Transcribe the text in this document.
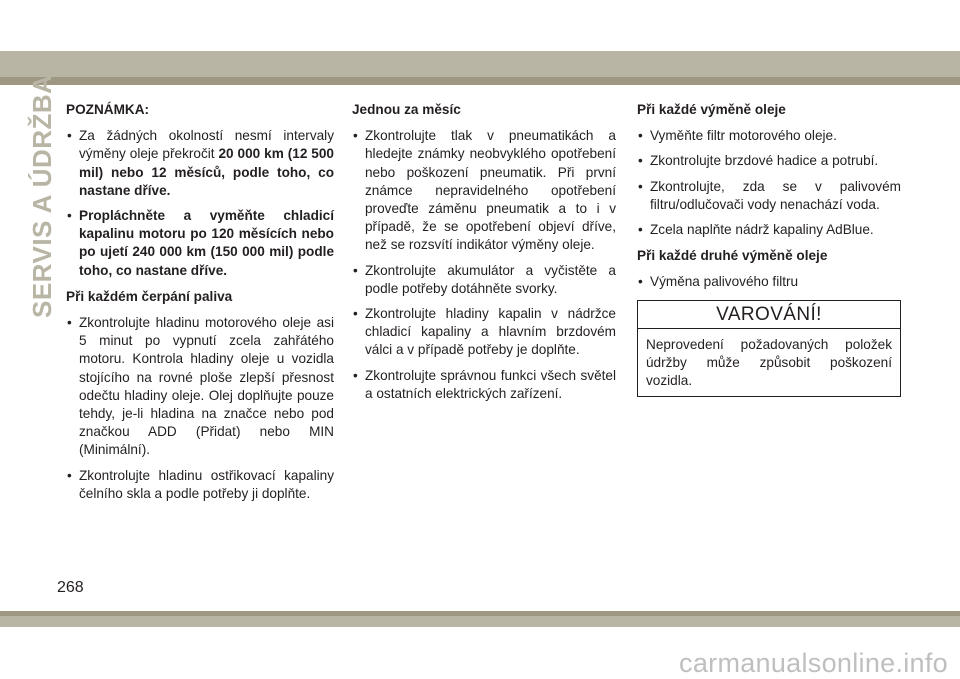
SERVIS A ÚDRŽBA POZNÁMKA:
• Za žádných okolností nesmí intervaly výměny oleje překročit 20 000 km (12 500 mil) nebo 12 měsíců, podle toho, co nastane dříve.
• Propláchněte a vyměňte chladicí kapalinu motoru po 120 měsících nebo po ujetí 240 000 km (150 000 mil) podle toho, co nastane dříve.
Při každém čerpání paliva
• Zkontrolujte hladinu motorového oleje asi 5 minut po vypnutí zcela zahřátého motoru. Kontrola hladiny oleje u vozidla stojícího na rovné ploše zlepší přesnost odečtu hladiny oleje. Olej doplňujte pouze tehdy, je-li hladina na značce nebo pod značkou ADD (Přidat) nebo MIN (Minimální).
• Zkontrolujte hladinu ostřikovací kapaliny čelního skla a podle potřeby ji doplňte.
Jednou za měsíc
• Zkontrolujte tlak v pneumatikách a hledejte známky neobvyklého opotřebení nebo poškození pneumatik. Při první známce nepravidelného opotřebení proveďte záměnu pneumatik a to i v případě, že se opotřebení objeví dříve, než se rozsvítí indikátor výměny oleje.
• Zkontrolujte akumulátor a vyčistěte a podle potřeby dotáhněte svorky.
• Zkontrolujte hladiny kapalin v nádržce chladicí kapaliny a hlavním brzdovém válci a v případě potřeby je doplňte.
• Zkontrolujte správnou funkci všech světel a ostatních elektrických zařízení.
Při každé výměně oleje
• Vyměňte filtr motorového oleje.
• Zkontrolujte brzdové hadice a potrubí.
• Zkontrolujte, zda se v palivovém filtru/odlučovači vody nenachází voda.
• Zcela naplňte nádrž kapaliny AdBlue.
Při každé druhé výměně oleje
• Výměna palivového filtru
VAROVÁNÍ!
Neprovedení požadovaných položek údržby může způsobit poškození vozidla.
268
carmanualsonline.info
